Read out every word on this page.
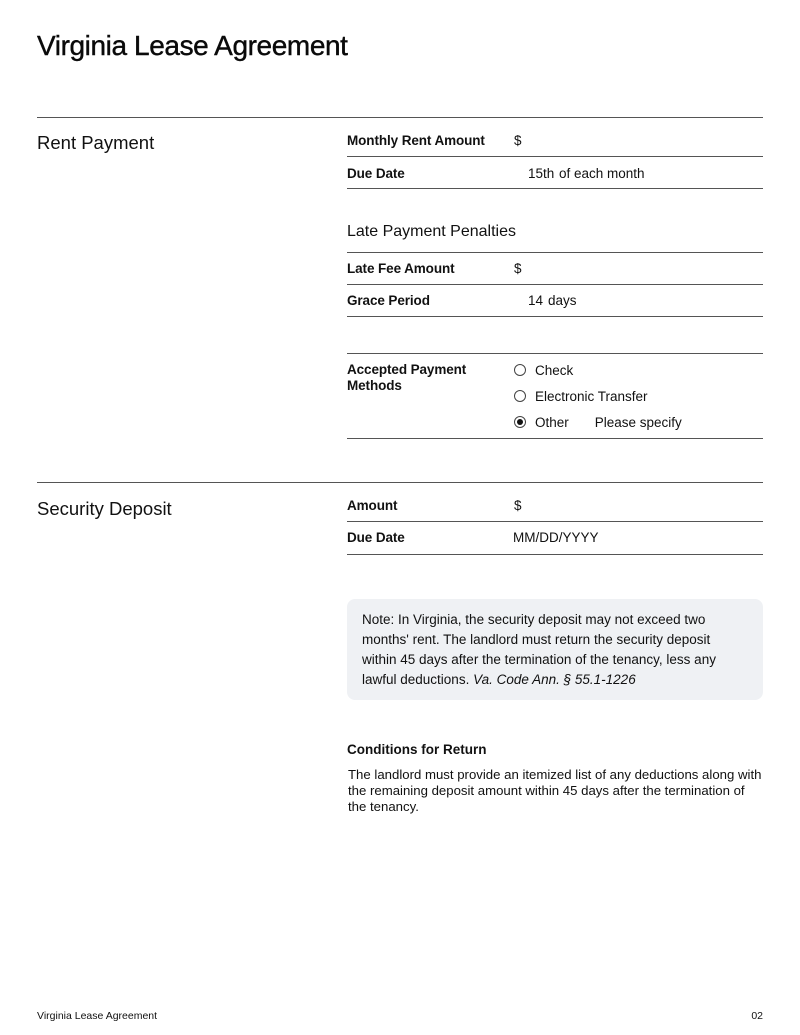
Virginia Lease Agreement
Rent Payment	Monthly Rent Amount $
Due Date	15th of each month
Late Payment Penalties
Late Fee Amount	$
Grace Period	14 days
Accepted Payment
Methods
Check
Electronic Transfer
Other Please specify
Security Deposit	Amount	$
Due Date	MM/DD/YYYY
Note: In Virginia, the security deposit may not exceed two months' rent. The landlord must return the security deposit within 45 days after the termination of the tenancy, less any lawful deductions. Va. Code Ann. § 55.1-1226
Conditions for Return
The landlord must provide an itemized list of any deductions along with the remaining deposit amount within 45 days after the termination of the tenancy.
Virginia Lease Agreement	02
